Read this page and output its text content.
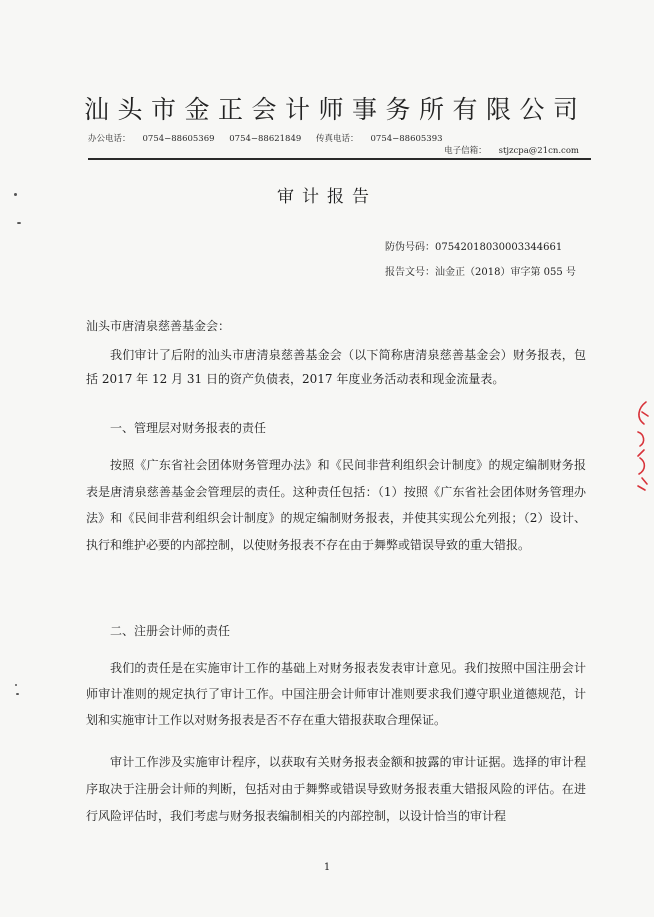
汕头市金正会计师事务所有限公司
办公电话： 0754−88605369 0754−88621849 传真电话： 0754−88605393
电子信箱： stjzcpa@21cn.com
审计报告
防伪号码：07542018030003344661
报告文号：汕金正（2018）审字第 055 号
汕头市唐清泉慈善基金会：

我们审计了后附的汕头市唐清泉慈善基金会（以下简称唐清泉慈善基金会）财务报表，包括 2017 年 12 月 31 日的资产负债表，2017 年度业务活动表和现金流量表。

一、管理层对财务报表的责任

按照《广东省社会团体财务管理办法》和《民间非营利组织会计制度》的规定编制财务报表是唐清泉慈善基金会管理层的责任。这种责任包括：（1）按照《广东省社会团体财务管理办法》和《民间非营利组织会计制度》的规定编制财务报表，并使其实现公允列报；（2）设计、执行和维护必要的内部控制，以使财务报表不存在由于舞弊或错误导致的重大错报。

二、注册会计师的责任

我们的责任是在实施审计工作的基础上对财务报表发表审计意见。我们按照中国注册会计师审计准则的规定执行了审计工作。中国注册会计师审计准则要求我们遵守职业道德规范，计划和实施审计工作以对财务报表是否不存在重大错报获取合理保证。

审计工作涉及实施审计程序，以获取有关财务报表金额和披露的审计证据。选择的审计程序取决于注册会计师的判断，包括对由于舞弊或错误导致财务报表重大错报风险的评估。在进行风险评估时，我们考虑与财务报表编制相关的内部控制，以设计恰当的审计程

1
